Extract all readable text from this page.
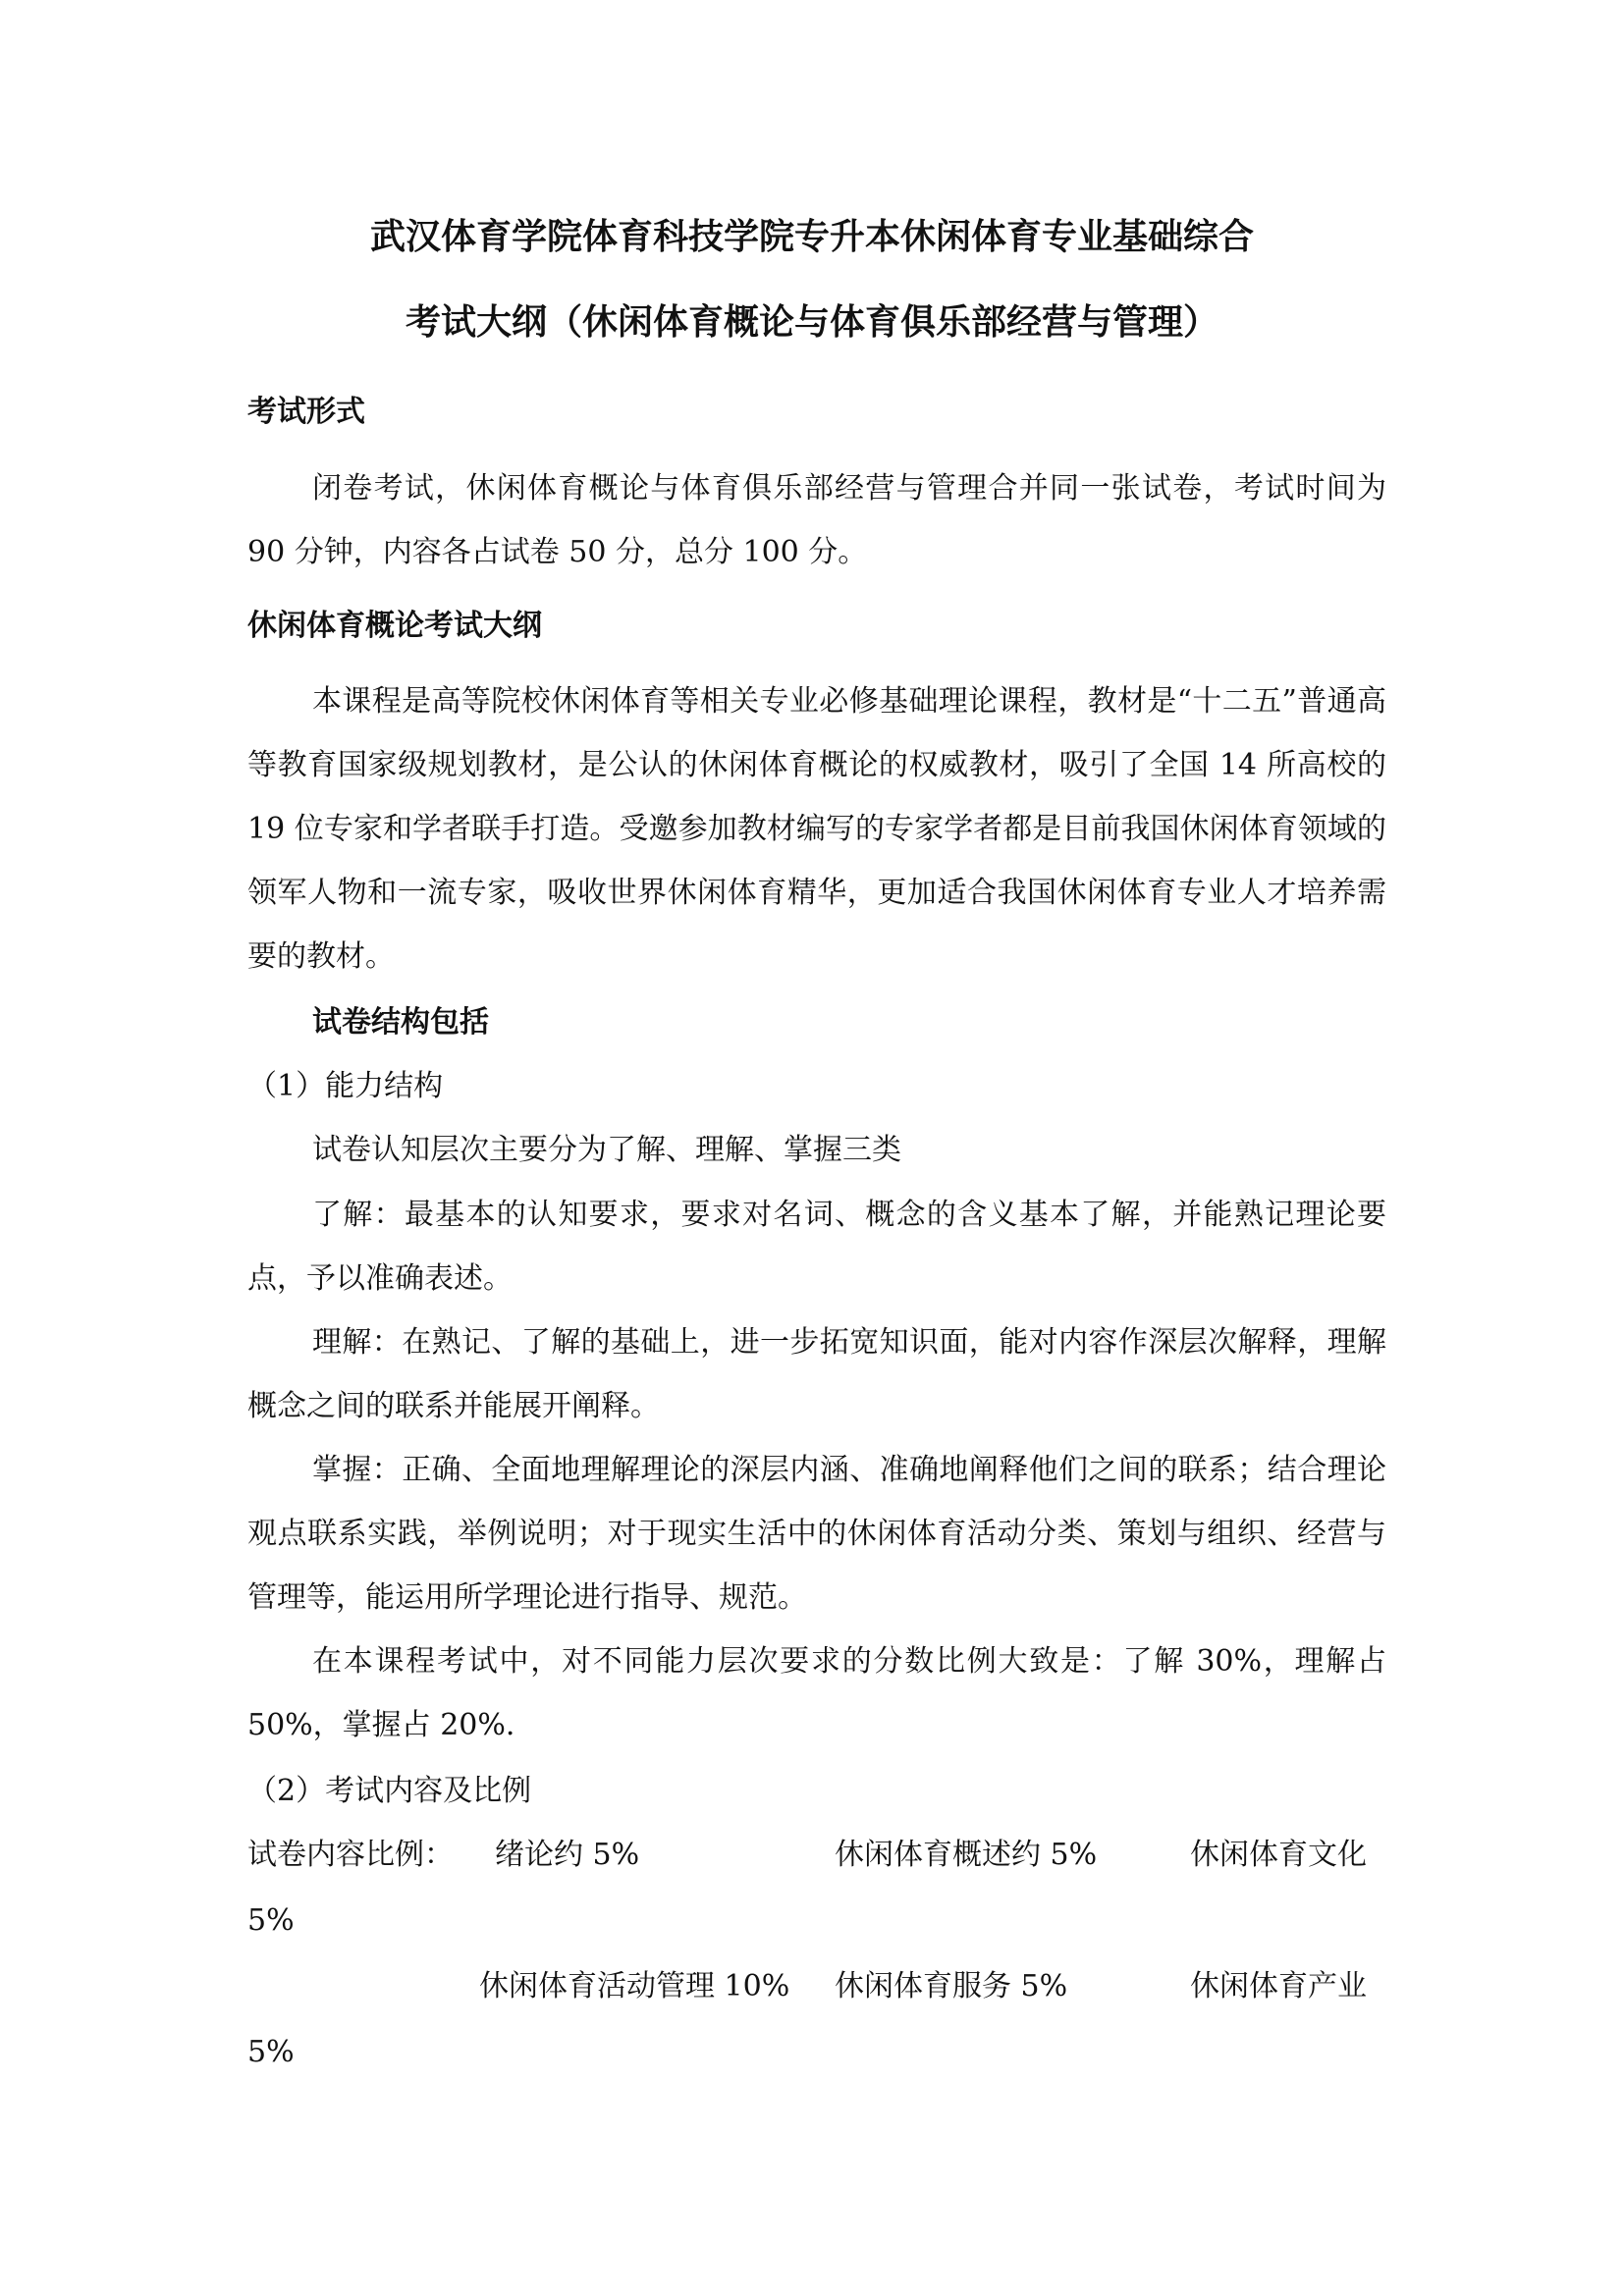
武汉体育学院体育科技学院专升本休闲体育专业基础综合
考试大纲（休闲体育概论与体育俱乐部经营与管理）
考试形式

闭卷考试，休闲体育概论与体育俱乐部经营与管理合并同一张试卷，考试时间为 90 分钟，内容各占试卷 50 分，总分 100 分。

休闲体育概论考试大纲

本课程是高等院校休闲体育等相关专业必修基础理论课程，教材是“十二五”普通高等教育国家级规划教材，是公认的休闲体育概论的权威教材，吸引了全国 14 所高校的 19 位专家和学者联手打造。受邀参加教材编写的专家学者都是目前我国休闲体育领域的领军人物和一流专家，吸收世界休闲体育精华，更加适合我国休闲体育专业人才培养需要的教材。

试卷结构包括

（1）能力结构

试卷认知层次主要分为了解、理解、掌握三类

了解：最基本的认知要求，要求对名词、概念的含义基本了解，并能熟记理论要点，予以准确表述。

理解：在熟记、了解的基础上，进一步拓宽知识面，能对内容作深层次解释，理解概念之间的联系并能展开阐释。

掌握：正确、全面地理解理论的深层内涵、准确地阐释他们之间的联系；结合理论观点联系实践，举例说明；对于现实生活中的休闲体育活动分类、策划与组织、经营与管理等，能运用所学理论进行指导、规范。

在本课程考试中，对不同能力层次要求的分数比例大致是：了解 30%，理解占 50%，掌握占 20%.

（2）考试内容及比例

试卷内容比例： 绪论约 5%	休闲体育概述约 5%	休闲体育文化
5%
休闲体育活动管理 10% 休闲体育服务 5%	休闲体育产业
5%
